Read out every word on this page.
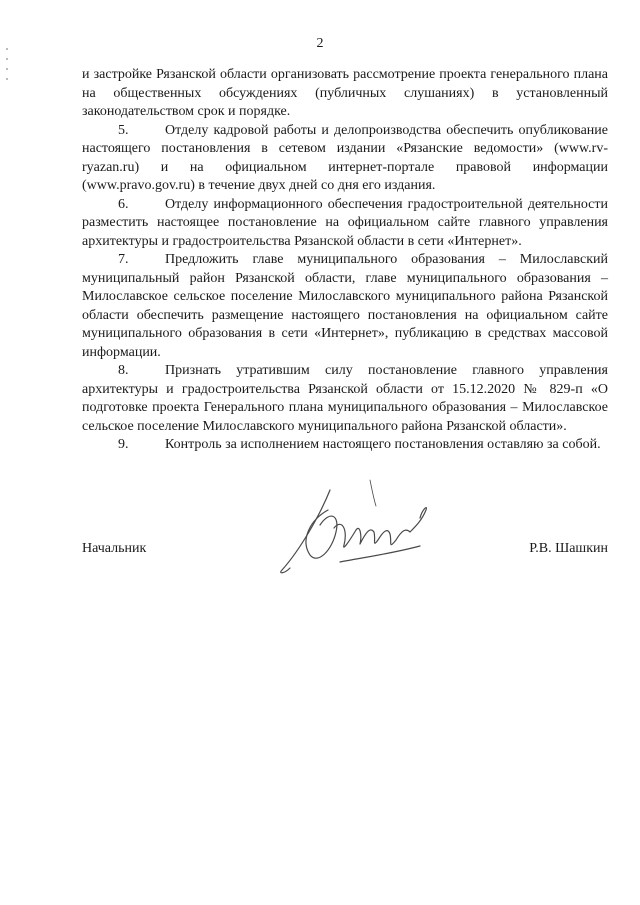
2

и застройке Рязанской области организовать рассмотрение проекта генерального плана на общественных обсуждениях (публичных слушаниях) в установленный законодательством срок и порядке.

5.	Отделу кадровой работы и делопроизводства обеспечить опубликование настоящего постановления в сетевом издании «Рязанские ведомости» (www.rv-ryazan.ru) и на официальном интернет-портале правовой информации (www.pravo.gov.ru) в течение двух дней со дня его издания.

6.	Отделу информационного обеспечения градостроительной деятельности разместить настоящее постановление на официальном сайте главного управления архитектуры и градостроительства Рязанской области в сети «Интернет».

7.	Предложить главе муниципального образования – Милославский муниципальный район Рязанской области, главе муниципального образования – Милославское сельское поселение Милославского муниципального района Рязанской области обеспечить размещение настоящего постановления на официальном сайте муниципального образования в сети «Интернет», публикацию в средствах массовой информации.

8.	Признать утратившим силу постановление главного управления архитектуры и градостроительства Рязанской области от 15.12.2020 № 829-п «О подготовке проекта Генерального плана муниципального образования – Милославское сельское поселение Милославского муниципального района Рязанской области».

9.	Контроль за исполнением настоящего постановления оставляю за собой.

Начальник	Р.В. Шашкин
